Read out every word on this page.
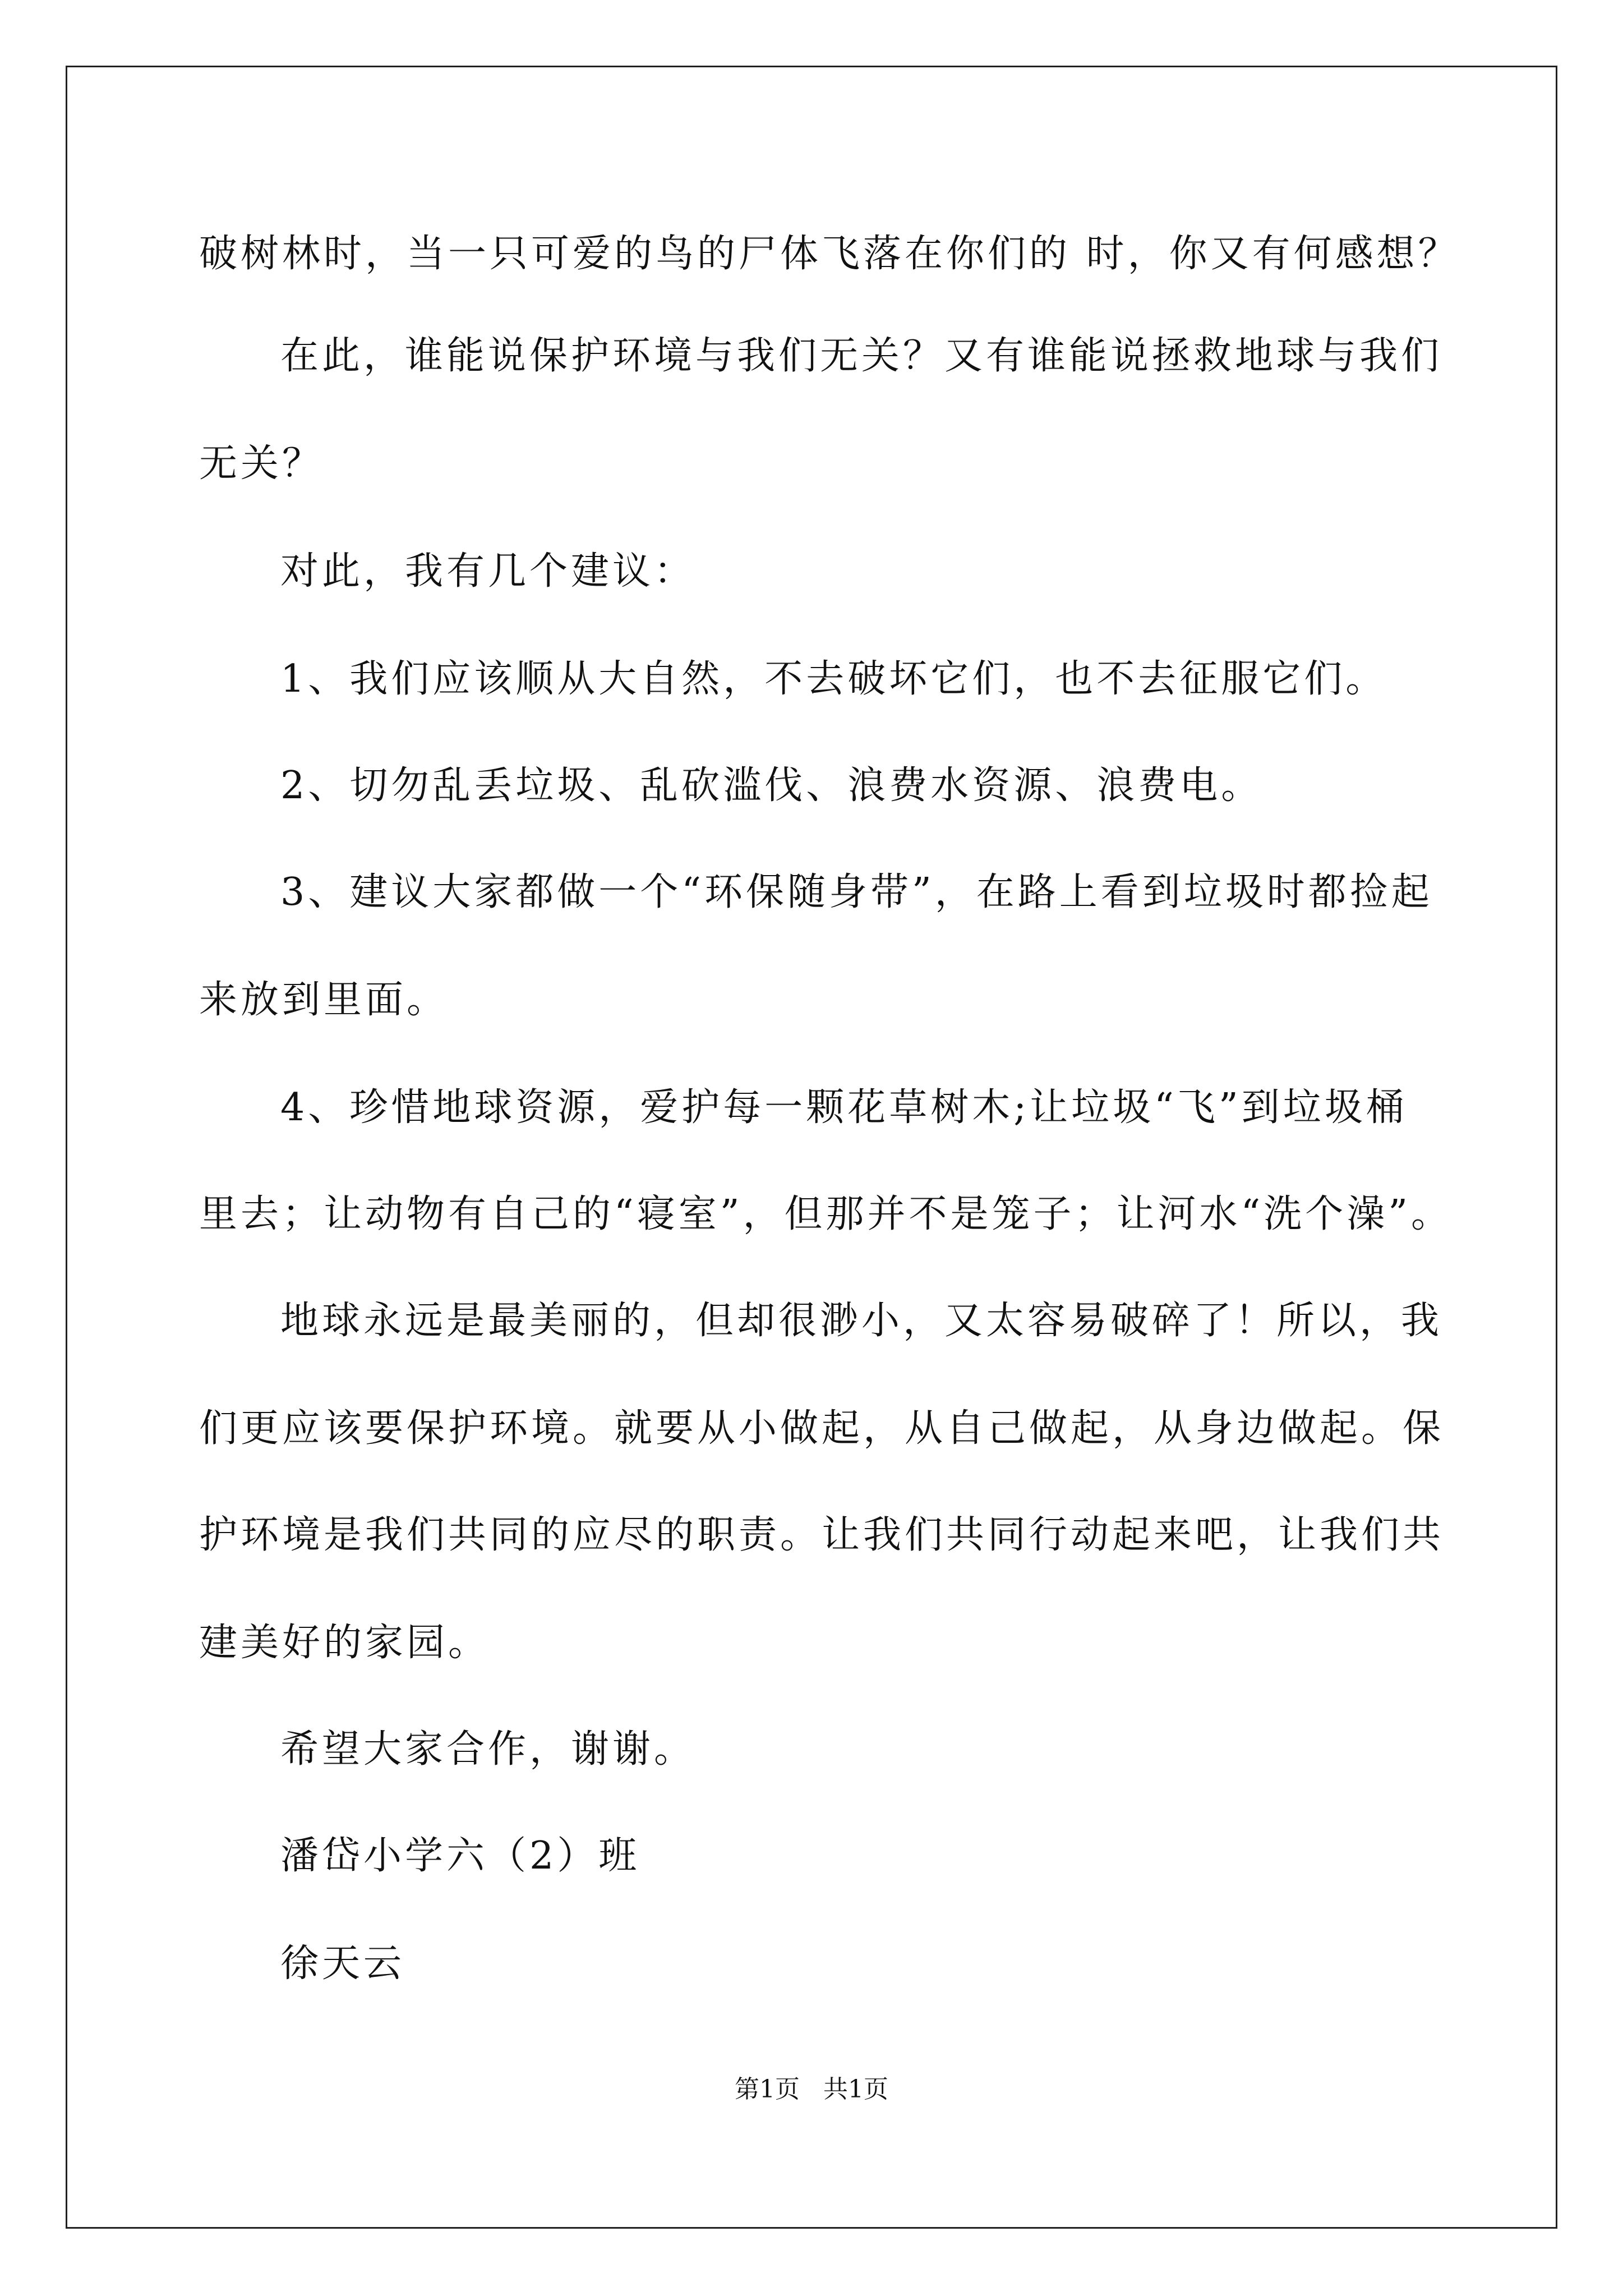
破树林时，当一只可爱的鸟的尸体飞落在你们的 时，你又有何感想？
在此，谁能说保护环境与我们无关？又有谁能说拯救地球与我们
无关？
对此，我有几个建议：
1、我们应该顺从大自然，不去破坏它们，也不去征服它们。
2、切勿乱丢垃圾、乱砍滥伐、浪费水资源、浪费电。
3、建议大家都做一个“环保随身带”，在路上看到垃圾时都捡起
来放到里面。
4、珍惜地球资源，爱护每一颗花草树木;让垃圾“飞”到垃圾桶
里去；让动物有自己的“寝室”，但那并不是笼子；让河水“洗个澡”。
地球永远是最美丽的，但却很渺小，又太容易破碎了！所以，我
们更应该要保护环境。就要从小做起，从自己做起，从身边做起。保
护环境是我们共同的应尽的职责。让我们共同行动起来吧，让我们共
建美好的家园。
希望大家合作，谢谢。
潘岱小学六（2）班
徐天云
第1页   共1页
